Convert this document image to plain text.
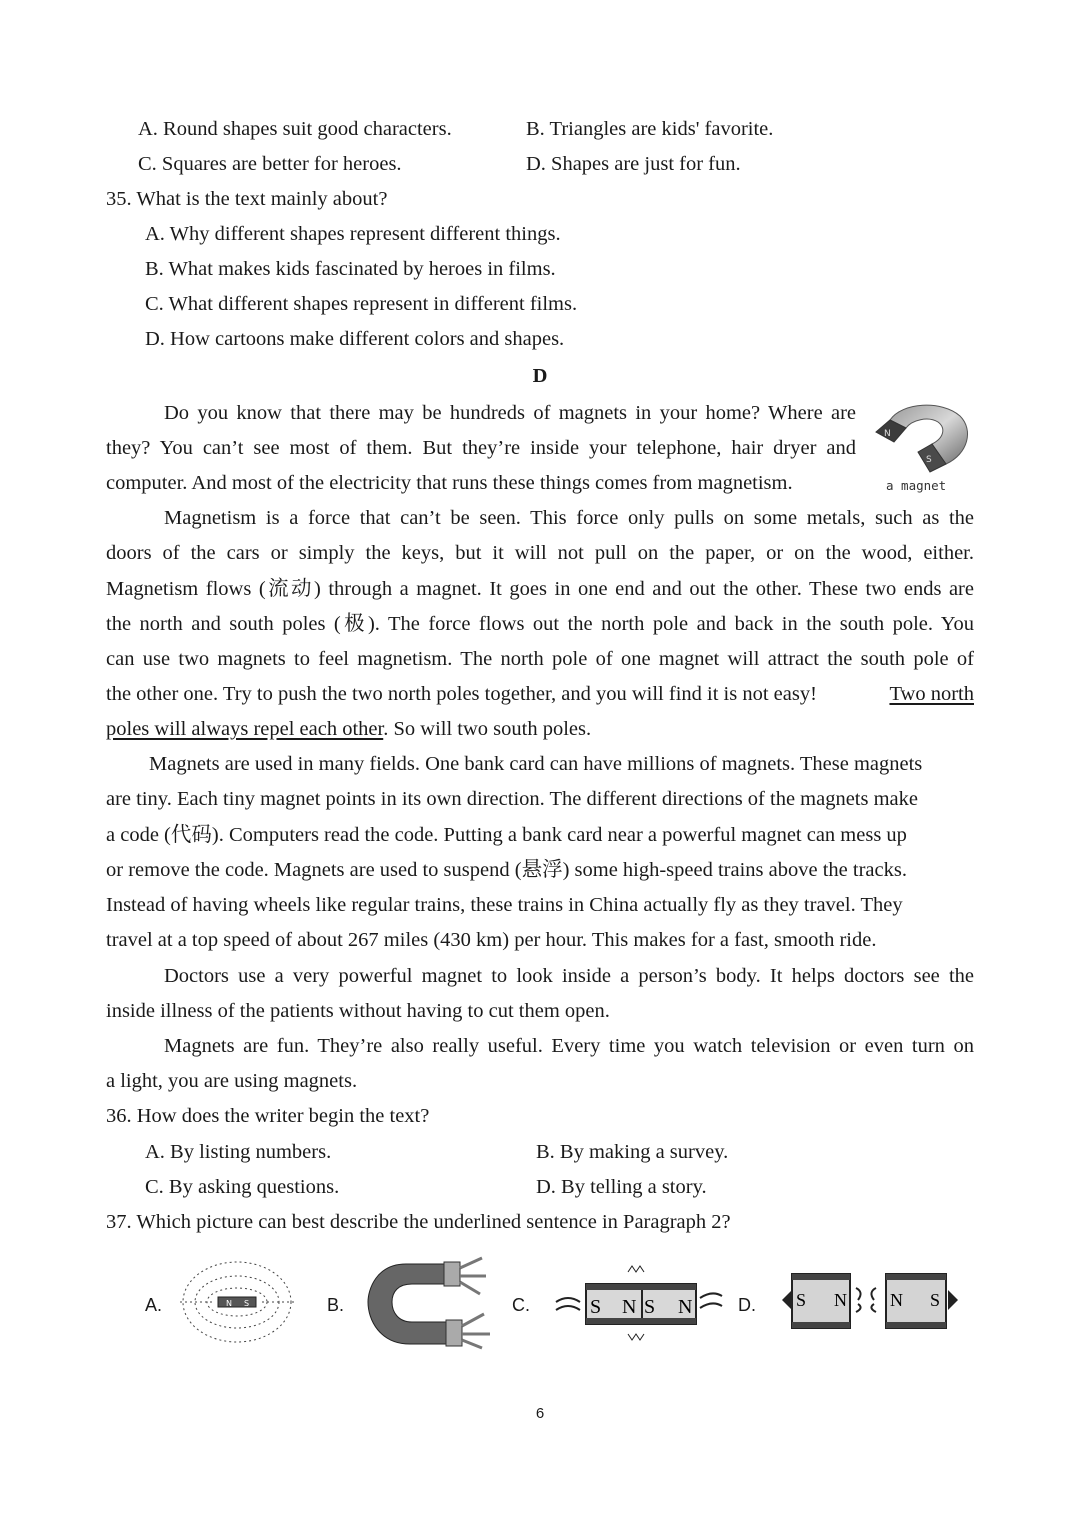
A. Round shapes suit good characters.	B. Triangles are kids' favorite.
C. Squares are better for heroes.	D. Shapes are just for fun.
35. What is the text mainly about?
A. Why different shapes represent different things.
B. What makes kids fascinated by heroes in films.
C. What different shapes represent in different films.
D. How cartoons make different colors and shapes.
D
Do you know that there may be hundreds of magnets in your home? Where are
they? You can’t see most of them. But they’re inside your telephone, hair dryer and
computer. And most of the electricity that runs these things comes from magnetism.
N
S
a magnet
Magnetism is a force that can’t be seen. This force only pulls on some metals, such as the
doors of the cars or simply the keys, but it will not pull on the paper, or on the wood, either.
Magnetism flows (流动) through a magnet. It goes in one end and out the other. These two ends are
the north and south poles (极). The force flows out the north pole and back in the south pole. You
can use two magnets to feel magnetism. The north pole of one magnet will attract the south pole of
the other one. Try to push the two north poles together, and you will find it is not easy!	Two north
poles will always repel each other. So will two south poles.
Magnets are used in many fields. One bank card can have millions of magnets. These magnets
are tiny. Each tiny magnet points in its own direction. The different directions of the magnets make
a code (代码). Computers read the code. Putting a bank card near a powerful magnet can mess up
or remove the code. Magnets are used to suspend (悬浮) some high-speed trains above the tracks.
Instead of having wheels like regular trains, these trains in China actually fly as they travel. They
travel at a top speed of about 267 miles (430 km) per hour. This makes for a fast, smooth ride.
Doctors use a very powerful magnet to look inside a person’s body. It helps doctors see the
inside illness of the patients without having to cut them open.
Magnets are fun. They’re also really useful. Every time you watch television or even turn on
a light, you are using magnets.
36. How does the writer begin the text?
A. By listing numbers.	B. By making a survey.
C. By asking questions.	D. By telling a story.
37. Which picture can best describe the underlined sentence in Paragraph 2?
A.	N S	B.	C.	S N S N	D. S N N S
6
